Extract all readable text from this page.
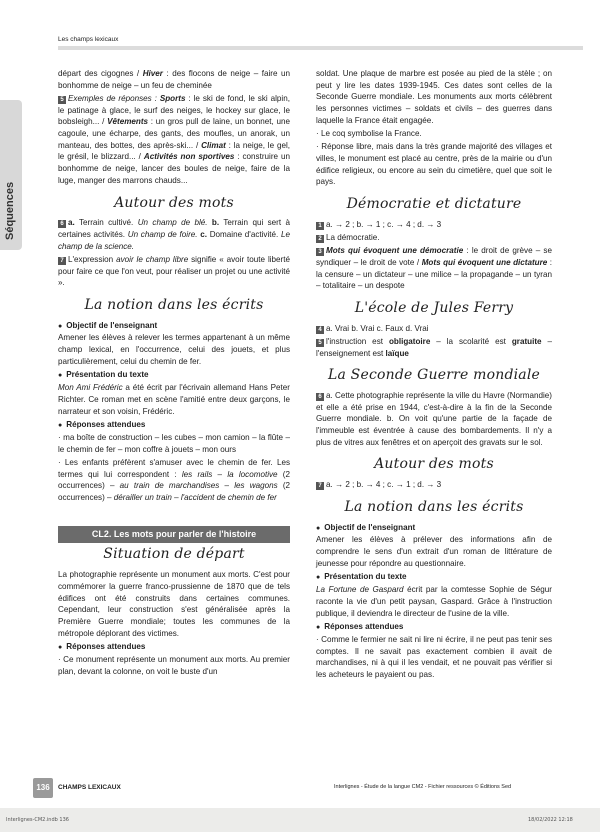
Les champs lexicaux
Séquences

départ des cigognes / Hiver : des flocons de neige – faire un bonhomme de neige – un feu de cheminée

5 Exemples de réponses : Sports : le ski de fond, le ski alpin, le patinage à glace, le surf des neiges, le hockey sur glace, le bobsleigh... / Vêtements : un gros pull de laine, un bonnet, une cagoule, une écharpe, des gants, des moufles, un anorak, un manteau, des bottes, des après-ski... / Climat : la neige, le gel, le grésil, le blizzard... / Activités non sportives : construire un bonhomme de neige, lancer des boules de neige, faire de la luge, manger des marrons chauds...

Autour des mots

6 a. Terrain cultivé. Un champ de blé. b. Terrain qui sert à certaines activités. Un champ de foire. c. Domaine d'activité. Le champ de la science.

7 L'expression avoir le champ libre signifie « avoir toute liberté pour faire ce que l'on veut, pour réaliser un projet ou une activité ».

La notion dans les écrits
● Objectif de l'enseignant

Amener les élèves à relever les termes appartenant à un même champ lexical, en l'occurrence, celui des jouets, et plus particulièrement, celui du chemin de fer.

● Présentation du texte

Mon Ami Frédéric a été écrit par l'écrivain allemand Hans Peter Richter. Ce roman met en scène l'amitié entre deux garçons, le narrateur et son voisin, Frédéric.

● Réponses attendues

· ma boîte de construction – les cubes – mon camion – la flûte – le chemin de fer – mon coffre à jouets – mon ours

· Les enfants préfèrent s'amuser avec le chemin de fer. Les termes qui lui correspondent : les rails – la locomotive (2 occurrences) – au train de marchandises – les wagons (2 occurrences) – dérailler un train – l'accident de chemin de fer

CL2. Les mots pour parler de l'histoire
Situation de départ

La photographie représente un monument aux morts. C'est pour commémorer la guerre franco-prussienne de 1870 que de tels édifices ont été construits dans certaines communes. Cependant, leur construction s'est généralisée après la Première Guerre mondiale; toutes les communes de la métropole déplorant des victimes.

● Réponses attendues

· Ce monument représente un monument aux morts. Au premier plan, devant la colonne, on voit le buste d'un

soldat. Une plaque de marbre est posée au pied de la stèle ; on peut y lire les dates 1939-1945. Ces dates sont celles de la Seconde Guerre mondiale. Les monuments aux morts célèbrent les personnes victimes – soldats et civils – des guerres dans laquelle la France était engagée.

· Le coq symbolise la France.

· Réponse libre, mais dans la très grande majorité des villages et villes, le monument est placé au centre, près de la mairie ou d'un édifice religieux, ou encore au sein du cimetière, quel que soit le pays.

Démocratie et dictature

1 a. → 2 ; b. → 1 ; c. → 4 ; d. → 3

2 La démocratie.

3 Mots qui évoquent une démocratie : le droit de grève – se syndiquer – le droit de vote / Mots qui évoquent une dictature : la censure – un dictateur – une milice – la propagande – un tyran – totalitaire – un despote

L'école de Jules Ferry

4 a. Vrai b. Vrai c. Faux d. Vrai

5 l'instruction est obligatoire – la scolarité est gratuite – l'enseignement est laïque

La Seconde Guerre mondiale

6 a. Cette photographie représente la ville du Havre (Normandie) et elle a été prise en 1944, c'est-à-dire à la fin de la Seconde Guerre mondiale. b. On voit qu'une partie de la façade de l'immeuble est éventrée à cause des bombardements. Il n'y a plus de vitres aux fenêtres et on aperçoit des gravats sur le sol.

Autour des mots

7 a. → 2 ; b. → 4 ; c. → 1 ; d. → 3

La notion dans les écrits
● Objectif de l'enseignant

Amener les élèves à prélever des informations afin de comprendre le sens d'un extrait d'un roman de littérature de jeunesse pour répondre au questionnaire.

● Présentation du texte

La Fortune de Gaspard écrit par la comtesse Sophie de Ségur raconte la vie d'un petit paysan, Gaspard. Grâce à l'instruction publique, il deviendra le directeur de l'usine de la ville.

● Réponses attendues

· Comme le fermier ne sait ni lire ni écrire, il ne peut pas tenir ses comptes. Il ne savait pas exactement combien il avait de marchandises, ni à qui il les vendait, et ne pouvait pas vérifier si les acheteurs le payaient ou pas.

136	CHAMPS LEXICAUX	Interlignes - Étude de la langue CM2 - Fichier ressources © Éditions Sed
Interlignes-CM2.indb 136	18/02/2022 12:18
